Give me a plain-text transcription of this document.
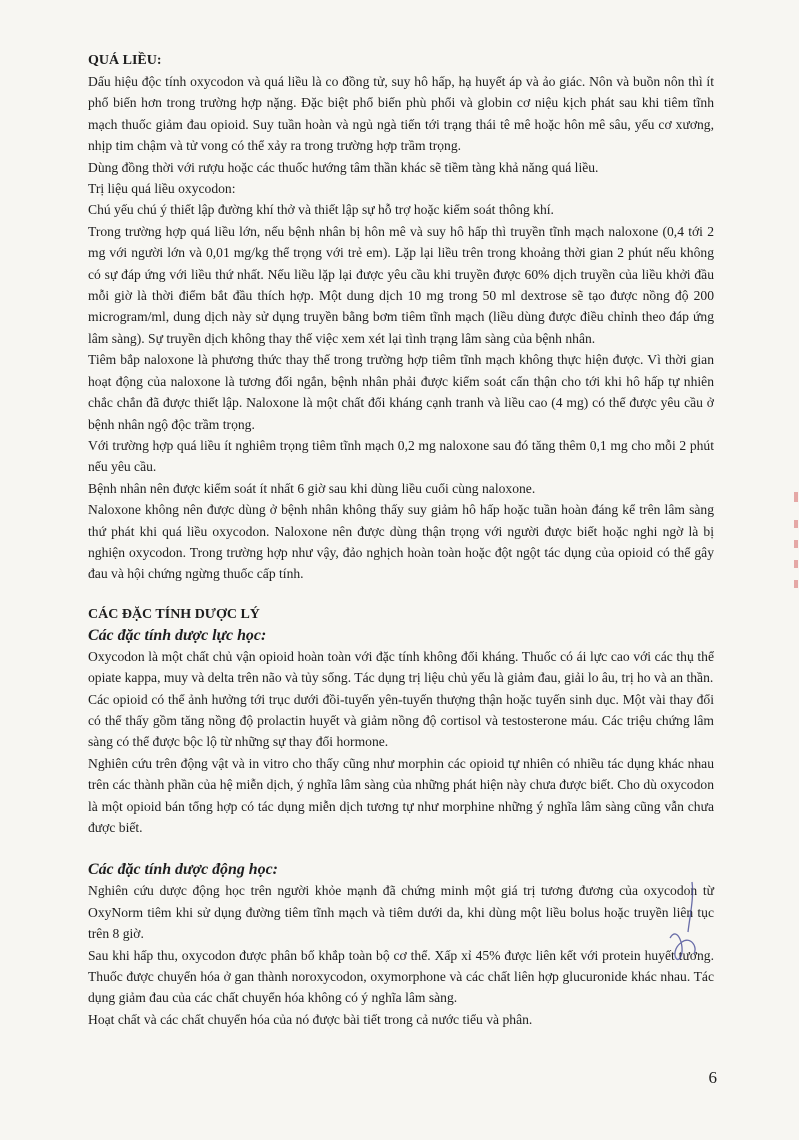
QUÁ LIỀU:

Dấu hiệu độc tính oxycodon và quá liều là co đồng tử, suy hô hấp, hạ huyết áp và ảo giác. Nôn và buồn nôn thì ít phổ biến hơn trong trường hợp nặng. Đặc biệt phổ biến phù phổi và globin cơ niệu kịch phát sau khi tiêm tĩnh mạch thuốc giảm đau opioid. Suy tuần hoàn và ngủ ngà tiến tới trạng thái tê mê hoặc hôn mê sâu, yếu cơ xương, nhịp tim chậm và tử vong có thể xảy ra trong trường hợp trầm trọng.

Dùng đồng thời với rượu hoặc các thuốc hướng tâm thần khác sẽ tiềm tàng khả năng quá liều.

Trị liệu quá liều oxycodon:

Chú yếu chú ý thiết lập đường khí thở và thiết lập sự hỗ trợ hoặc kiểm soát thông khí.

Trong trường hợp quá liều lớn, nếu bệnh nhân bị hôn mê và suy hô hấp thì truyền tĩnh mạch naloxone (0,4 tới 2 mg với người lớn và 0,01 mg/kg thể trọng với trẻ em). Lặp lại liều trên trong khoảng thời gian 2 phút nếu không có sự đáp ứng với liều thứ nhất. Nếu liều lặp lại được yêu cầu khi truyền được 60% dịch truyền của liều khởi đầu mỗi giờ là thời điểm bắt đầu thích hợp. Một dung dịch 10 mg trong 50 ml dextrose sẽ tạo được nồng độ 200 microgram/ml, dung dịch này sử dụng truyền bằng bơm tiêm tĩnh mạch (liều dùng được điều chỉnh theo đáp ứng lâm sàng). Sự truyền dịch không thay thế việc xem xét lại tình trạng lâm sàng của bệnh nhân.

Tiêm bắp naloxone là phương thức thay thế trong trường hợp tiêm tĩnh mạch không thực hiện được. Vì thời gian hoạt động của naloxone là tương đối ngắn, bệnh nhân phải được kiểm soát cẩn thận cho tới khi hô hấp tự nhiên chắc chắn đã được thiết lập. Naloxone là một chất đối kháng cạnh tranh và liều cao (4 mg) có thể được yêu cầu ở bệnh nhân ngộ độc trầm trọng.

Với trường hợp quá liều ít nghiêm trọng tiêm tĩnh mạch 0,2 mg naloxone sau đó tăng thêm 0,1 mg cho mỗi 2 phút nếu yêu cầu.

Bệnh nhân nên được kiểm soát ít nhất 6 giờ sau khi dùng liều cuối cùng naloxone.

Naloxone không nên được dùng ở bệnh nhân không thấy suy giảm hô hấp hoặc tuần hoàn đáng kể trên lâm sàng thứ phát khi quá liều oxycodon. Naloxone nên được dùng thận trọng với người được biết hoặc nghi ngờ là bị nghiện oxycodon. Trong trường hợp như vậy, đảo nghịch hoàn toàn hoặc đột ngột tác dụng của opioid có thể gây đau và hội chứng ngừng thuốc cấp tính.

CÁC ĐẶC TÍNH DƯỢC LÝ
Các đặc tính dược lực học:

Oxycodon là một chất chủ vận opioid hoàn toàn với đặc tính không đối kháng. Thuốc có ái lực cao với các thụ thể opiate kappa, muy và delta trên não và tủy sống. Tác dụng trị liệu chủ yếu là giảm đau, giải lo âu, trị ho và an thần.

Các opioid có thể ảnh hưởng tới trục dưới đồi-tuyến yên-tuyến thượng thận hoặc tuyến sinh dục. Một vài thay đổi có thể thấy gồm tăng nồng độ prolactin huyết và giảm nồng độ cortisol và testosterone máu. Các triệu chứng lâm sàng có thể được bộc lộ từ những sự thay đổi hormone.

Nghiên cứu trên động vật và in vitro cho thấy cũng như morphin các opioid tự nhiên có nhiều tác dụng khác nhau trên các thành phần của hệ miễn dịch, ý nghĩa lâm sàng của những phát hiện này chưa được biết. Cho dù oxycodon là một opioid bán tổng hợp có tác dụng miễn dịch tương tự như morphine những ý nghĩa lâm sàng cũng vẫn chưa được biết.

Các đặc tính dược động học:

Nghiên cứu dược động học trên người khỏe mạnh đã chứng minh một giá trị tương đương của oxycodon từ OxyNorm tiêm khi sử dụng đường tiêm tĩnh mạch và tiêm dưới da, khi dùng một liều bolus hoặc truyền liên tục trên 8 giờ.

Sau khi hấp thu, oxycodon được phân bố khắp toàn bộ cơ thể. Xấp xỉ 45% được liên kết với protein huyết tương. Thuốc được chuyển hóa ở gan thành noroxycodon, oxymorphone và các chất liên hợp glucuronide khác nhau. Tác dụng giảm đau của các chất chuyển hóa không có ý nghĩa lâm sàng.

Hoạt chất và các chất chuyển hóa của nó được bài tiết trong cả nước tiểu và phân.

6
